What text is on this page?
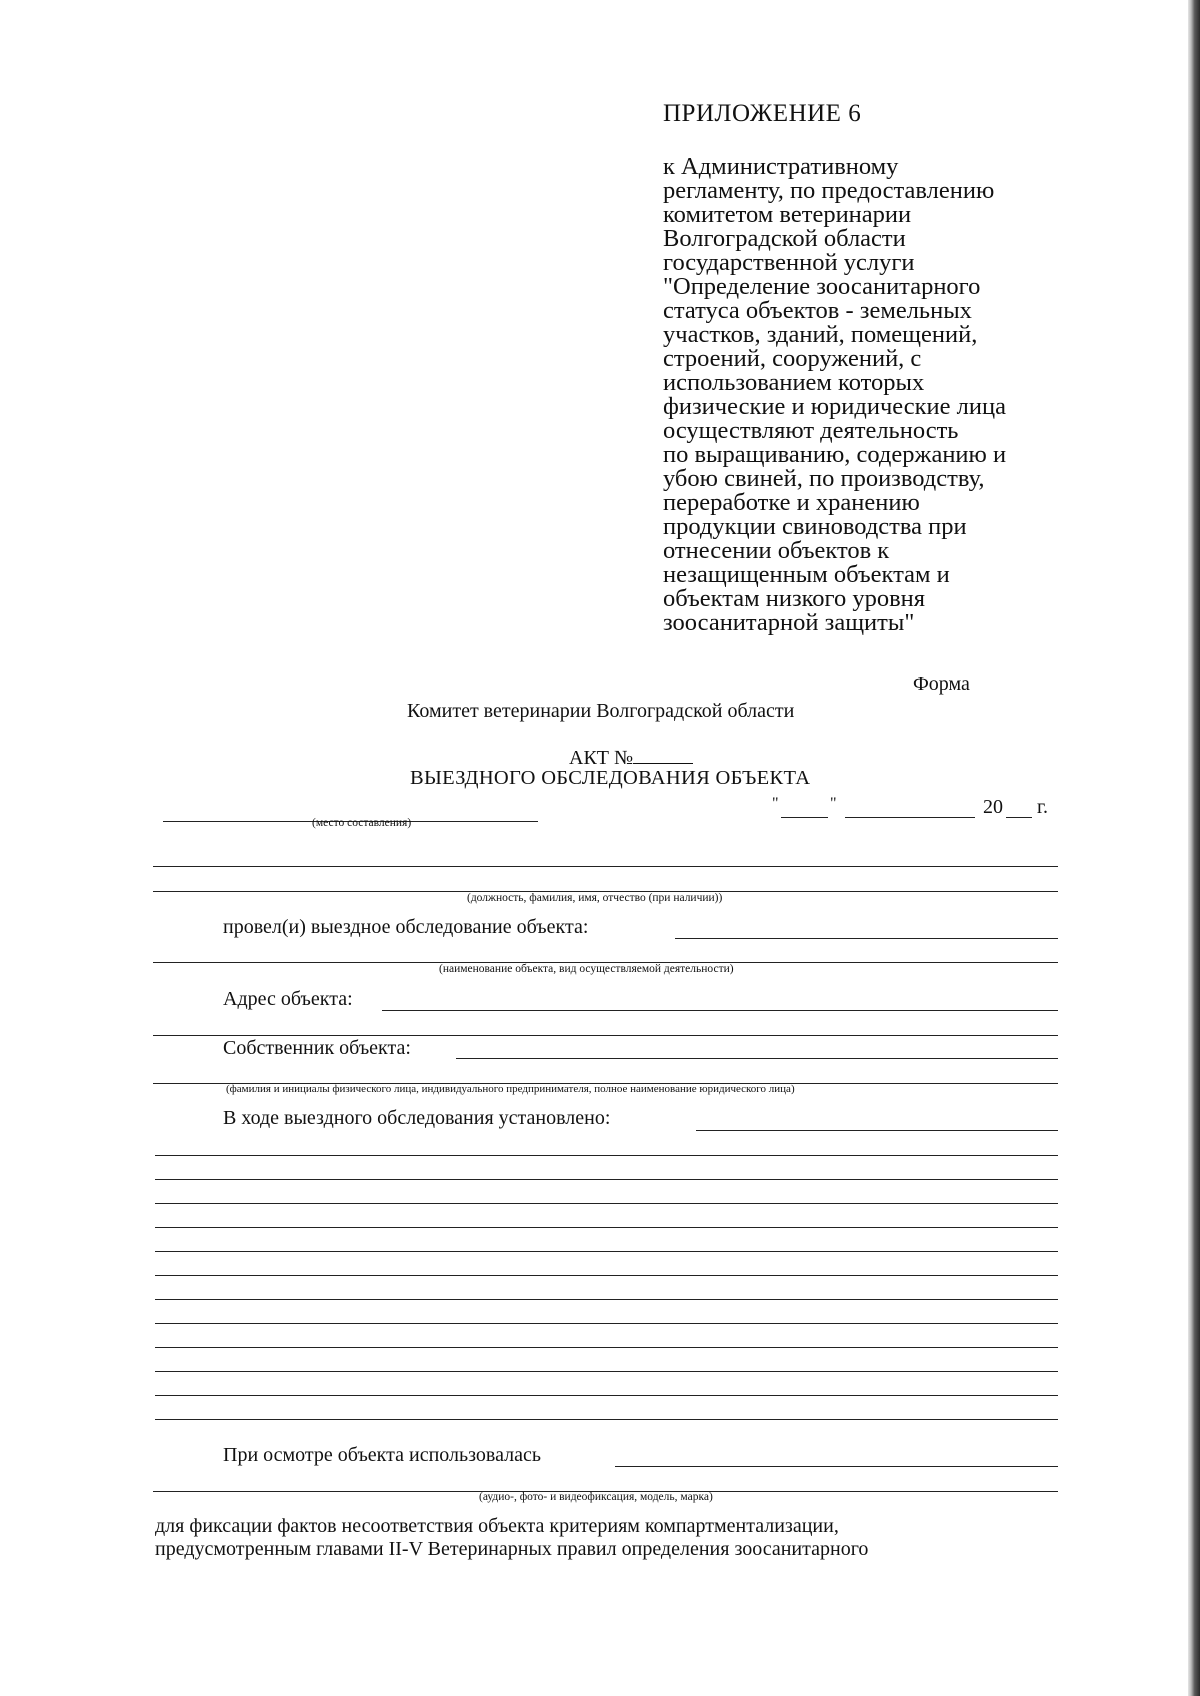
ПРИЛОЖЕНИЕ 6
к Административному
регламенту, по предоставлению
комитетом ветеринарии
Волгоградской области
государственной услуги
"Определение зоосанитарного
статуса объектов - земельных
участков, зданий, помещений,
строений, сооружений, с
использованием которых
физические и юридические лица
осуществляют деятельность
по выращиванию, содержанию и
убою свиней, по производству,
переработке и хранению
продукции свиноводства при
отнесении объектов к
незащищенным объектам и
объектам низкого уровня
зоосанитарной защиты"
Форма
Комитет ветеринарии Волгоградской области
АКТ №
ВЫЕЗДНОГО ОБСЛЕДОВАНИЯ ОБЪЕКТА
(место составления)
"	"	20 г.
(должность, фамилия, имя, отчество (при наличии))
провел(и) выездное обследование объекта:
(наименование объекта, вид осуществляемой деятельности)
Адрес объекта:
Собственник объекта:
(фамилия и инициалы физического лица, индивидуального предпринимателя, полное наименование юридического лица)
В ходе выездного обследования установлено:
При осмотре объекта использовалась
(аудио-, фото- и видеофиксация, модель, марка)
для фиксации фактов несоответствия объекта критериям компартментализации,
предусмотренным главами II-V Ветеринарных правил определения зоосанитарного
